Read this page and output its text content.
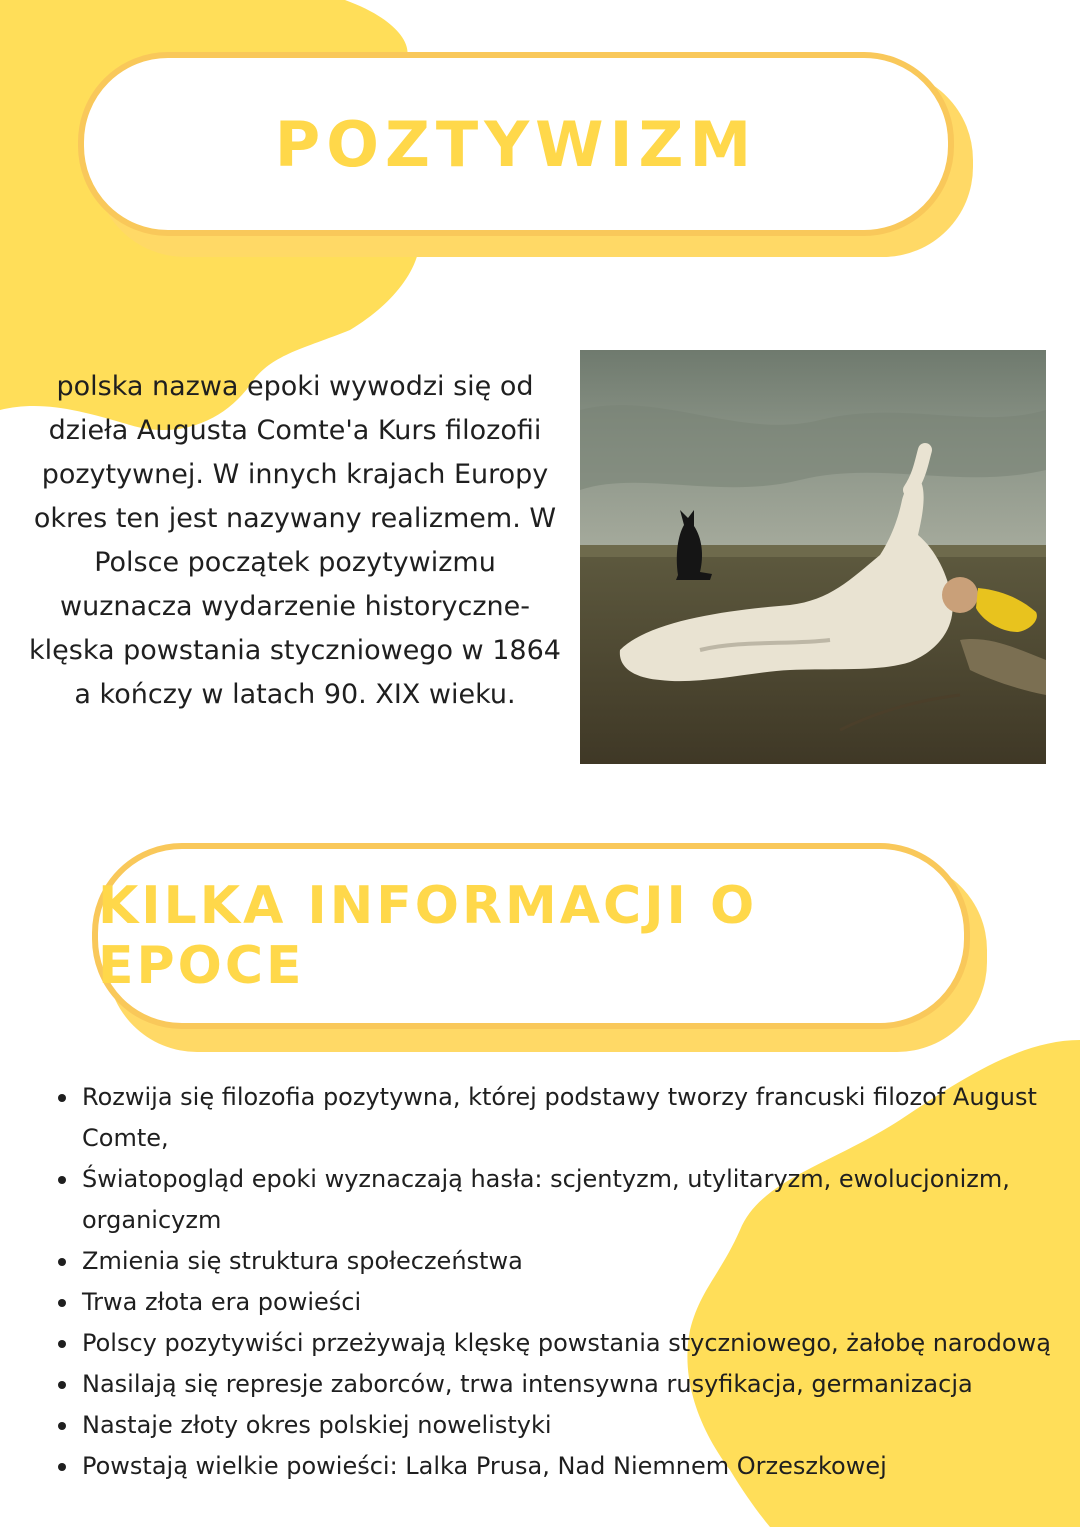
POZTYWIZM
polska nazwa epoki wywodzi się od dzieła Augusta Comte'a Kurs filozofii pozytywnej. W innych krajach Europy okres ten jest nazywany realizmem. W Polsce początek pozytywizmu wuznacza wydarzenie historyczne- klęska powstania styczniowego w 1864 a kończy w latach 90. XIX wieku.
KILKA INFORMACJI O EPOCE
• Rozwija się filozofia pozytywna, której podstawy tworzy francuski filozof August Comte,
• Światopogląd epoki wyznaczają hasła: scjentyzm, utylitaryzm, ewolucjonizm, organicyzm
• Zmienia się struktura społeczeństwa
• Trwa złota era powieści
• Polscy pozytywiści przeżywają klęskę powstania styczniowego, żałobę narodową
• Nasilają się represje zaborców, trwa intensywna rusyfikacja, germanizacja
• Nastaje złoty okres polskiej nowelistyki
• Powstają wielkie powieści: Lalka Prusa, Nad Niemnem Orzeszkowej
